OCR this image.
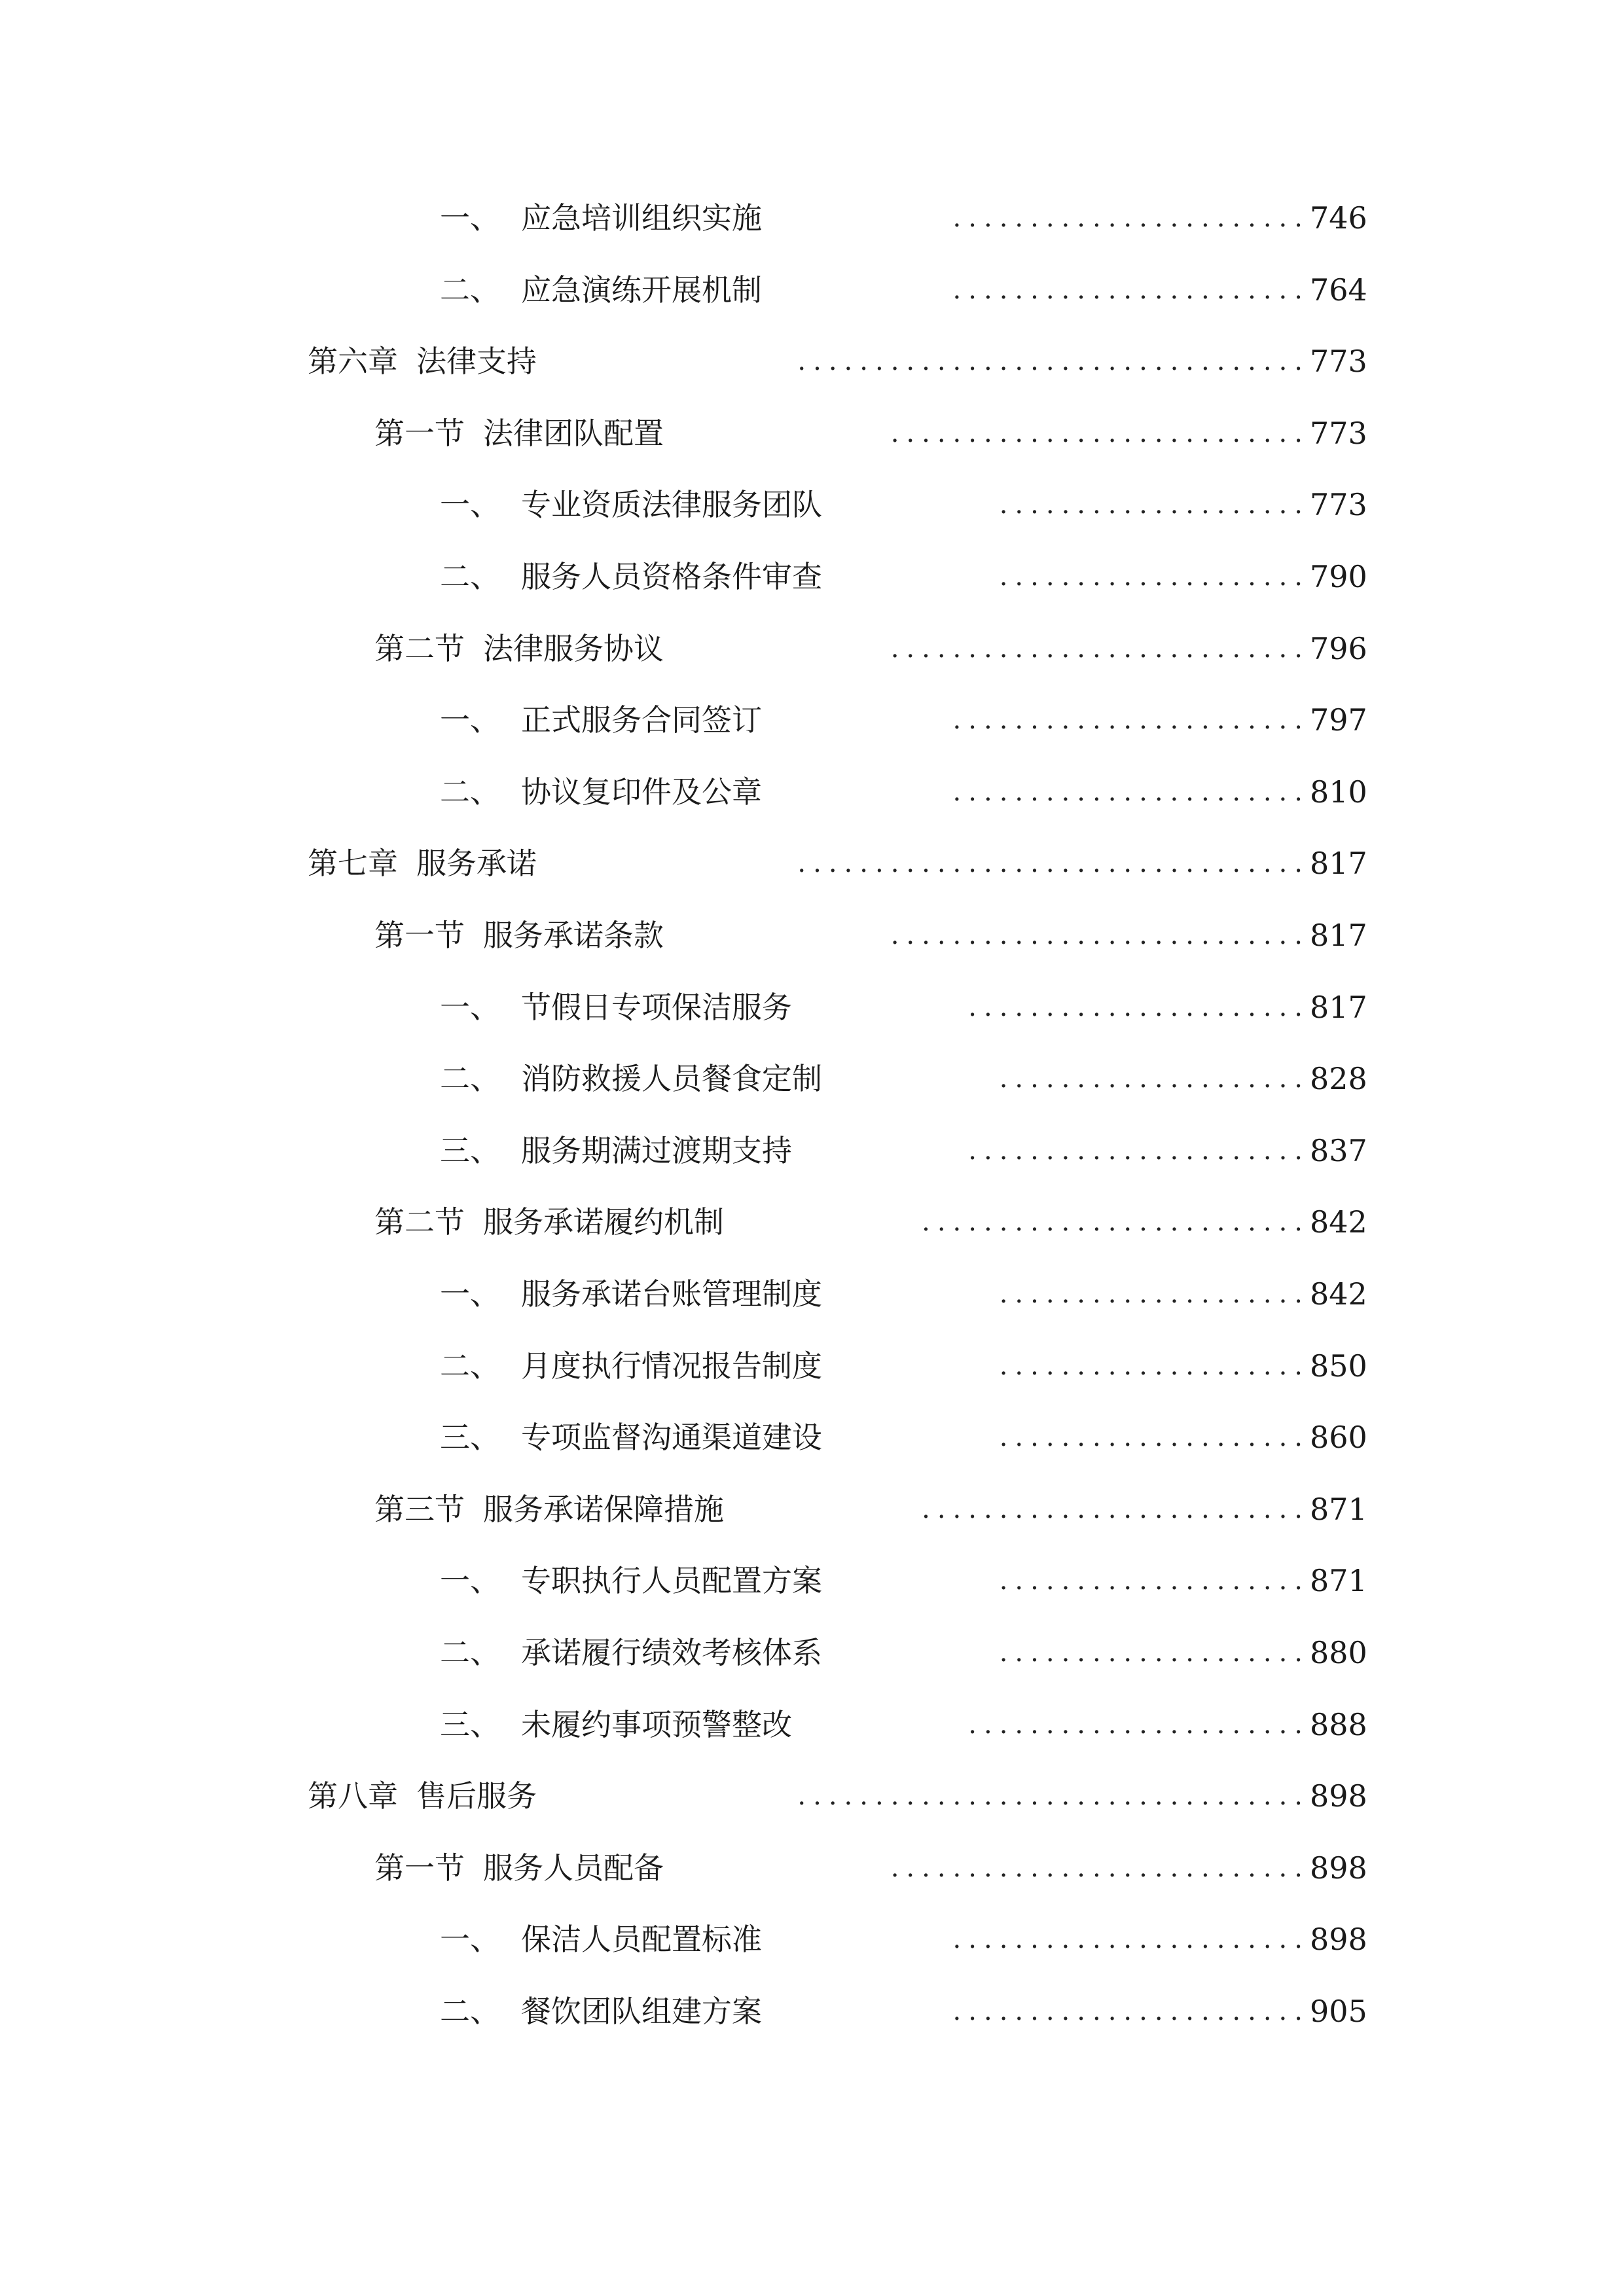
一、 应急培训组织实施	....................... 746
二、 应急演练开展机制	....................... 764
第六章 法律支持	................................. 773
第一节 法律团队配置	........................... 773
一、 专业资质法律服务团队	.................... 773
二、 服务人员资格条件审查	.................... 790
第二节 法律服务协议	........................... 796
一、 正式服务合同签订	....................... 797
二、 协议复印件及公章	....................... 810
第七章 服务承诺	................................. 817
第一节 服务承诺条款	........................... 817
一、 节假日专项保洁服务	...................... 817
二、 消防救援人员餐食定制	.................... 828
三、 服务期满过渡期支持	...................... 837
第二节 服务承诺履约机制	......................... 842
一、 服务承诺台账管理制度	.................... 842
二、 月度执行情况报告制度	.................... 850
三、 专项监督沟通渠道建设	.................... 860
第三节 服务承诺保障措施	......................... 871
一、 专职执行人员配置方案	.................... 871
二、 承诺履行绩效考核体系	.................... 880
三、 未履约事项预警整改	...................... 888
第八章 售后服务	................................. 898
第一节 服务人员配备	........................... 898
一、 保洁人员配置标准	....................... 898
二、 餐饮团队组建方案	....................... 905
